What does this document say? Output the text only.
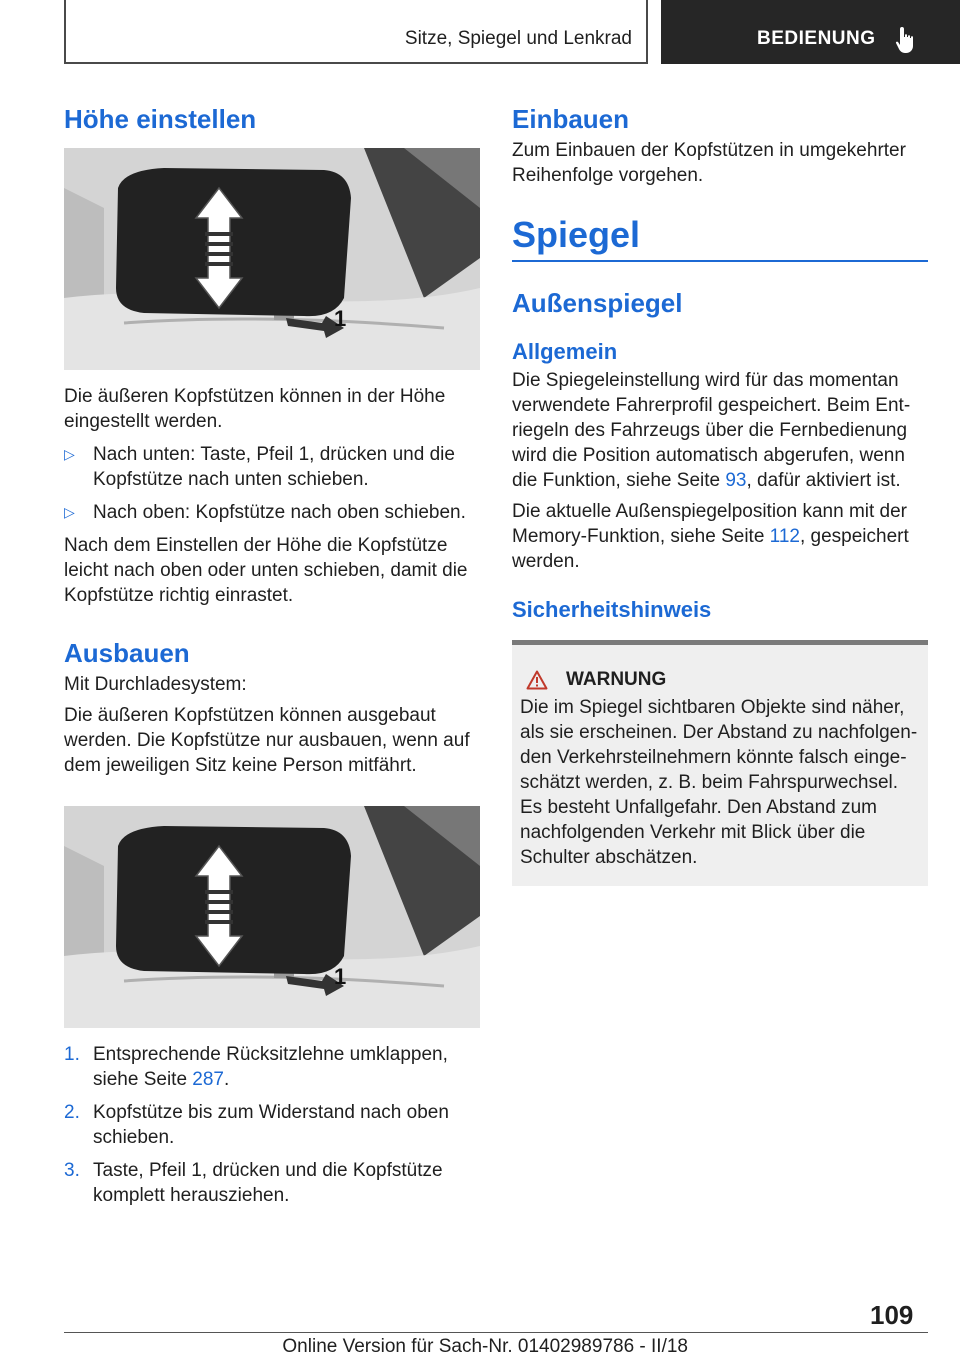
Sitze, Spiegel und Lenkrad	BEDIENUNG
Höhe einstellen
1

Die äußeren Kopfstützen können in der Höhe eingestellt werden.

▷ Nach unten: Taste, Pfeil 1, drücken und die Kopfstütze nach unten schieben.
▷ Nach oben: Kopfstütze nach oben schieben.

Nach dem Einstellen der Höhe die Kopfstütze leicht nach oben oder unten schieben, damit die Kopfstütze richtig einrastet.

Ausbauen

Mit Durchladesystem:

Die äußeren Kopfstützen können ausgebaut werden. Die Kopfstütze nur ausbauen, wenn auf dem jeweiligen Sitz keine Person mitfährt.

1
1. Entsprechende Rücksitzlehne umklappen, siehe Seite 287.
2. Kopfstütze bis zum Widerstand nach oben schieben.
3. Taste, Pfeil 1, drücken und die Kopfstütze komplett herausziehen.
Einbauen

Zum Einbauen der Kopfstützen in umgekehrter Reihenfolge vorgehen.

Spiegel
Außenspiegel
Allgemein

Die Spiegeleinstellung wird für das momentan verwendete Fahrerprofil gespeichert. Beim Entriegeln des Fahrzeugs über die Fernbedienung wird die Position automatisch abgerufen, wenn die Funktion, siehe Seite 93, dafür aktiviert ist.

Die aktuelle Außenspiegelposition kann mit der Memory-Funktion, siehe Seite 112, gespeichert werden.

Sicherheitshinweis
WARNUNG

Die im Spiegel sichtbaren Objekte sind näher, als sie erscheinen. Der Abstand zu nachfolgenden Verkehrsteilnehmern könnte falsch eingeschätzt werden, z. B. beim Fahrspurwechsel. Es besteht Unfallgefahr. Den Abstand zum nachfolgenden Verkehr mit Blick über die Schulter abschätzen.

109
Online Version für Sach-Nr. 01402989786 - II/18
